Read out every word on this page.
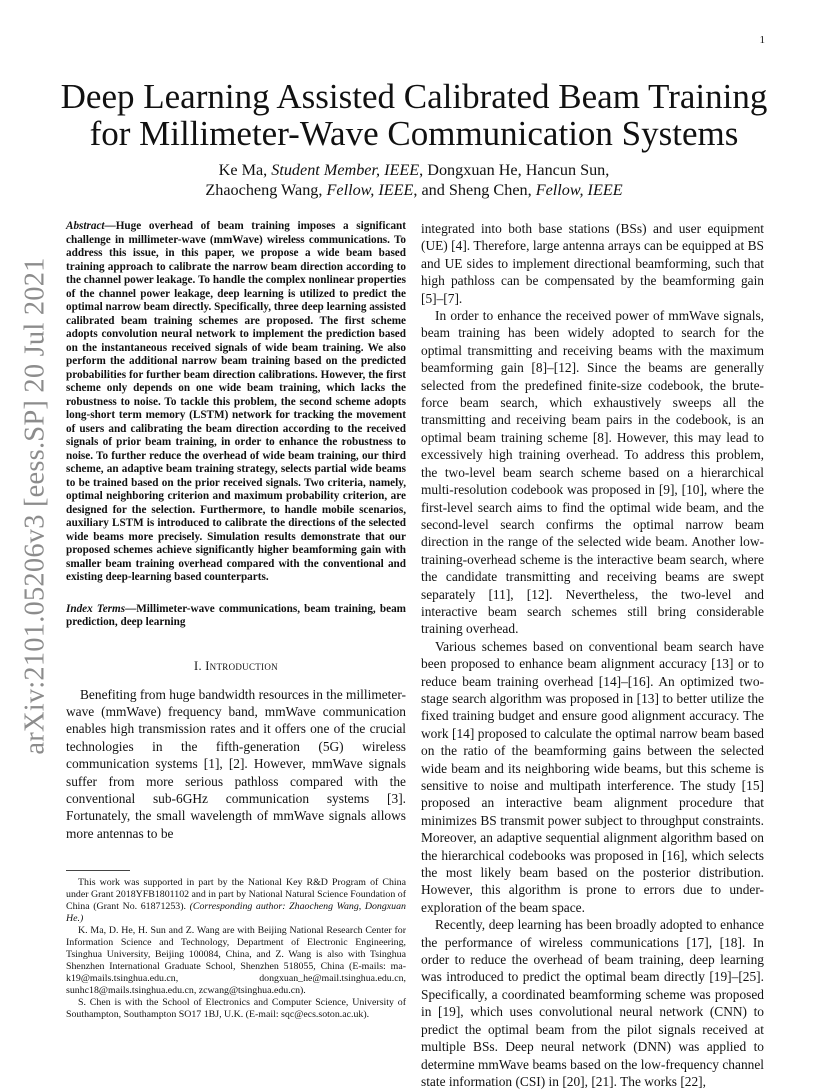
1
arXiv:2101.05206v3 [eess.SP] 20 Jul 2021
Deep Learning Assisted Calibrated Beam Training
for Millimeter-Wave Communication Systems
Ke Ma, Student Member, IEEE, Dongxuan He, Hancun Sun,
Zhaocheng Wang, Fellow, IEEE, and Sheng Chen, Fellow, IEEE

Abstract—Huge overhead of beam training imposes a significant challenge in millimeter-wave (mmWave) wireless communications. To address this issue, in this paper, we propose a wide beam based training approach to calibrate the narrow beam direction according to the channel power leakage. To handle the complex nonlinear properties of the channel power leakage, deep learning is utilized to predict the optimal narrow beam directly. Specifically, three deep learning assisted calibrated beam training schemes are proposed. The first scheme adopts convolution neural network to implement the prediction based on the instantaneous received signals of wide beam training. We also perform the additional narrow beam training based on the predicted probabilities for further beam direction calibrations. However, the first scheme only depends on one wide beam training, which lacks the robustness to noise. To tackle this problem, the second scheme adopts long-short term memory (LSTM) network for tracking the movement of users and calibrating the beam direction according to the received signals of prior beam training, in order to enhance the robustness to noise. To further reduce the overhead of wide beam training, our third scheme, an adaptive beam training strategy, selects partial wide beams to be trained based on the prior received signals. Two criteria, namely, optimal neighboring criterion and maximum probability criterion, are designed for the selection. Furthermore, to handle mobile scenarios, auxiliary LSTM is introduced to calibrate the directions of the selected wide beams more precisely. Simulation results demonstrate that our proposed schemes achieve significantly higher beamforming gain with smaller beam training overhead compared with the conventional and existing deep-learning based counterparts.

Index Terms—Millimeter-wave communications, beam training, beam prediction, deep learning

I. Introduction

Benefiting from huge bandwidth resources in the millimeter-wave (mmWave) frequency band, mmWave communication enables high transmission rates and it offers one of the crucial technologies in the fifth-generation (5G) wireless communication systems [1], [2]. However, mmWave signals suffer from more serious pathloss compared with the conventional sub-6GHz communication systems [3]. Fortunately, the small wavelength of mmWave signals allows more antennas to be

This work was supported in part by the National Key R&D Program of China under Grant 2018YFB1801102 and in part by National Natural Science Foundation of China (Grant No. 61871253). (Corresponding author: Zhaocheng Wang, Dongxuan He.)

K. Ma, D. He, H. Sun and Z. Wang are with Beijing National Research Center for Information Science and Technology, Department of Electronic Engineering, Tsinghua University, Beijing 100084, China, and Z. Wang is also with Tsinghua Shenzhen International Graduate School, Shenzhen 518055, China (E-mails: ma-k19@mails.tsinghua.edu.cn, dongxuan_he@mail.tsinghua.edu.cn, sunhc18@mails.tsinghua.edu.cn, zcwang@tsinghua.edu.cn).

S. Chen is with the School of Electronics and Computer Science, University of Southampton, Southampton SO17 1BJ, U.K. (E-mail: sqc@ecs.soton.ac.uk).

integrated into both base stations (BSs) and user equipment (UE) [4]. Therefore, large antenna arrays can be equipped at BS and UE sides to implement directional beamforming, such that high pathloss can be compensated by the beamforming gain [5]–[7].

In order to enhance the received power of mmWave signals, beam training has been widely adopted to search for the optimal transmitting and receiving beams with the maximum beamforming gain [8]–[12]. Since the beams are generally selected from the predefined finite-size codebook, the brute-force beam search, which exhaustively sweeps all the transmitting and receiving beam pairs in the codebook, is an optimal beam training scheme [8]. However, this may lead to excessively high training overhead. To address this problem, the two-level beam search scheme based on a hierarchical multi-resolution codebook was proposed in [9], [10], where the first-level search aims to find the optimal wide beam, and the second-level search confirms the optimal narrow beam direction in the range of the selected wide beam. Another low-training-overhead scheme is the interactive beam search, where the candidate transmitting and receiving beams are swept separately [11], [12]. Nevertheless, the two-level and interactive beam search schemes still bring considerable training overhead.

Various schemes based on conventional beam search have been proposed to enhance beam alignment accuracy [13] or to reduce beam training overhead [14]–[16]. An optimized two-stage search algorithm was proposed in [13] to better utilize the fixed training budget and ensure good alignment accuracy. The work [14] proposed to calculate the optimal narrow beam based on the ratio of the beamforming gains between the selected wide beam and its neighboring wide beams, but this scheme is sensitive to noise and multipath interference. The study [15] proposed an interactive beam alignment procedure that minimizes BS transmit power subject to throughput constraints. Moreover, an adaptive sequential alignment algorithm based on the hierarchical codebooks was proposed in [16], which selects the most likely beam based on the posterior distribution. However, this algorithm is prone to errors due to under-exploration of the beam space.

Recently, deep learning has been broadly adopted to enhance the performance of wireless communications [17], [18]. In order to reduce the overhead of beam training, deep learning was introduced to predict the optimal beam directly [19]–[25]. Specifically, a coordinated beamforming scheme was proposed in [19], which uses convolutional neural network (CNN) to predict the optimal beam from the pilot signals received at multiple BSs. Deep neural network (DNN) was applied to determine mmWave beams based on the low-frequency channel state information (CSI) in [20], [21]. The works [22],
